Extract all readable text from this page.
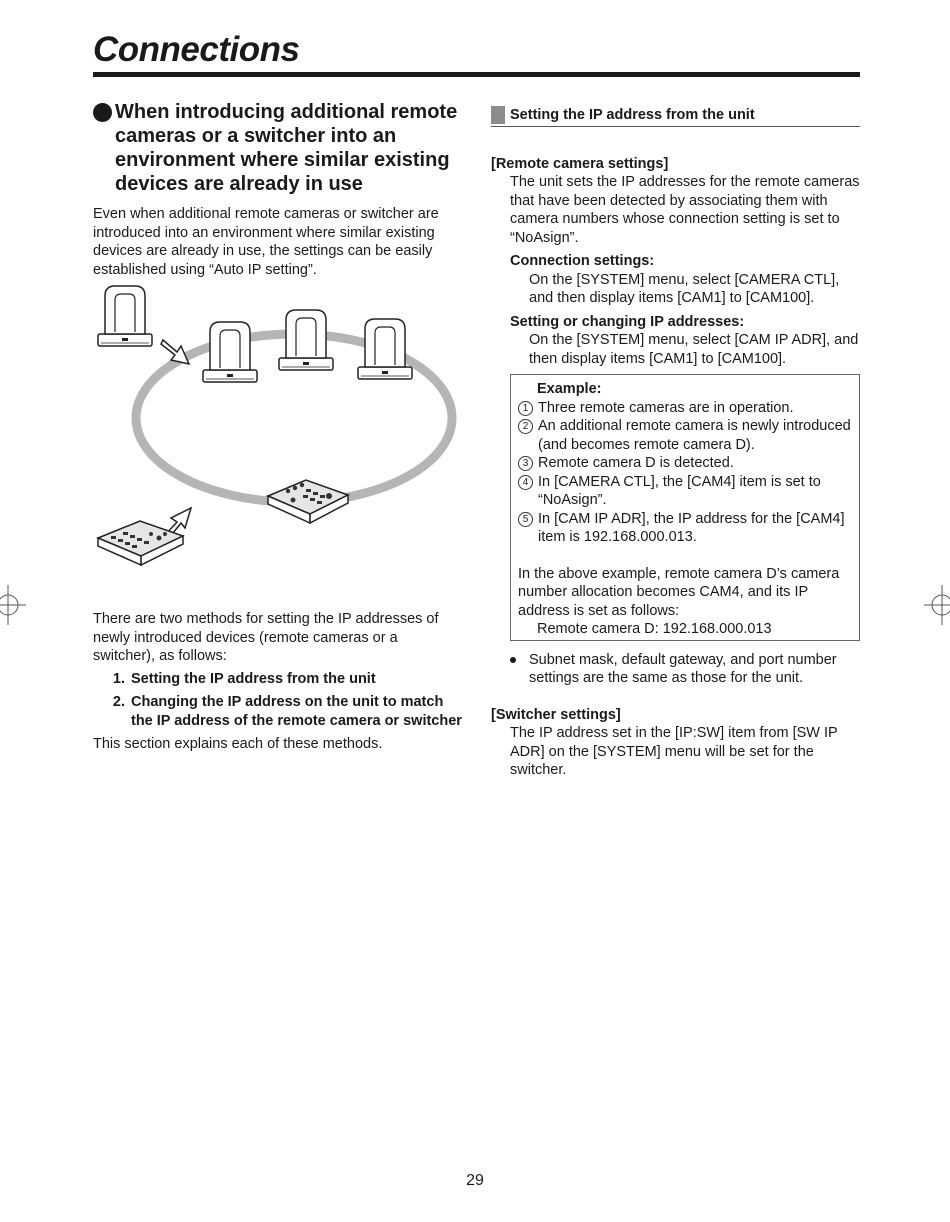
Connections
When introducing additional remote cameras or a switcher into an environment where similar existing devices are already in use

Even when additional remote cameras or switcher are introduced into an environment where similar existing devices are already in use, the settings can be easily established using “Auto IP setting”.

There are two methods for setting the IP addresses of newly introduced devices (remote cameras or a switcher), as follows:

1. Setting the IP address from the unit
2. Changing the IP address on the unit to match the IP address of the remote camera or switcher

This section explains each of these methods.

Setting the IP address from the unit

[Remote camera settings]

The unit sets the IP addresses for the remote cameras that have been detected by associating them with camera numbers whose connection setting is set to “NoAsign”.

Connection settings:

On the [SYSTEM] menu, select [CAMERA CTL], and then display items [CAM1] to [CAM100].

Setting or changing IP addresses:

On the [SYSTEM] menu, select [CAM IP ADR], and then display items [CAM1] to [CAM100].

Example:
1 Three remote cameras are in operation.
2 An additional remote camera is newly introduced (and becomes remote camera D).
3 Remote camera D is detected.
4 In [CAMERA CTL], the [CAM4] item is set to “NoAsign”.
5 In [CAM IP ADR], the IP address for the [CAM4] item is 192.168.000.013.

In the above example, remote camera D’s camera number allocation becomes CAM4, and its IP address is set as follows:

Remote camera D: 192.168.000.013

Subnet mask, default gateway, and port number settings are the same as those for the unit.

[Switcher settings]

The IP address set in the [IP:SW] item from [SW IP ADR] on the [SYSTEM] menu will be set for the switcher.

29
